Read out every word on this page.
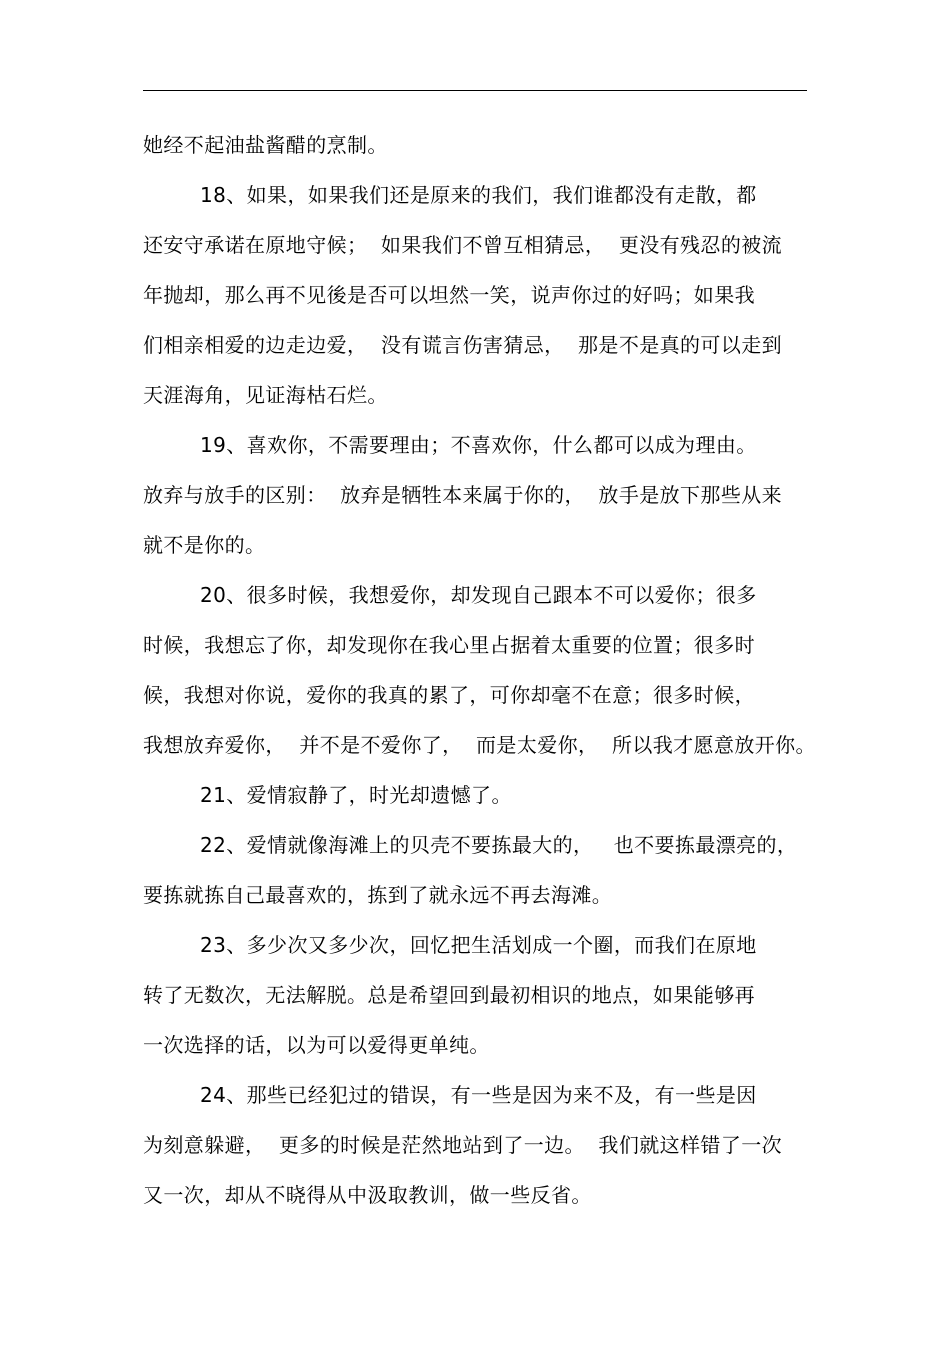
她经不起油盐酱醋的烹制。
18、如果，如果我们还是原来的我们，我们谁都没有走散，都
还安守承诺在原地守候；  如果我们不曾互相猜忌，  更没有残忍的被流
年抛却，那么再不见後是否可以坦然一笑，说声你过的好吗；如果我
们相亲相爱的边走边爱，  没有谎言伤害猜忌，  那是不是真的可以走到
天涯海角，见证海枯石烂。
19、喜欢你，不需要理由；不喜欢你，什么都可以成为理由。
放弃与放手的区别：  放弃是牺牲本来属于你的，  放手是放下那些从来
就不是你的。
20、很多时候，我想爱你，却发现自己跟本不可以爱你；很多
时候，我想忘了你，却发现你在我心里占据着太重要的位置；很多时
候，我想对你说，爱你的我真的累了，可你却毫不在意；很多时候，
我想放弃爱你，  并不是不爱你了，  而是太爱你，  所以我才愿意放开你。
21、爱情寂静了，时光却遗憾了。
22、爱情就像海滩上的贝壳不要拣最大的，   也不要拣最漂亮的，
要拣就拣自己最喜欢的，拣到了就永远不再去海滩。
23、多少次又多少次，回忆把生活划成一个圈，而我们在原地
转了无数次，无法解脱。总是希望回到最初相识的地点，如果能够再
一次选择的话，以为可以爱得更单纯。
24、那些已经犯过的错误，有一些是因为来不及，有一些是因
为刻意躲避，  更多的时候是茫然地站到了一边。  我们就这样错了一次
又一次，却从不晓得从中汲取教训，做一些反省。
